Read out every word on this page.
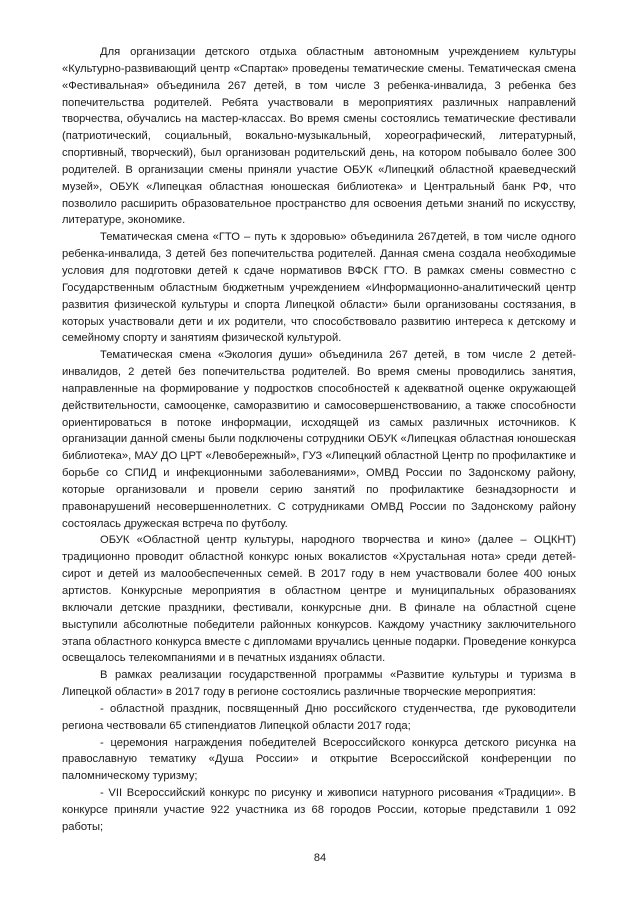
Для организации детского отдыха областным автономным учреждением культуры «Культурно-развивающий центр «Спартак» проведены тематические смены. Тематическая смена «Фестивальная» объединила 267 детей, в том числе 3 ребенка-инвалида, 3 ребенка без попечительства родителей. Ребята участвовали в мероприятиях различных направлений творчества, обучались на мастер-классах. Во время смены состоялись тематические фестивали (патриотический, социальный, вокально-музыкальный, хореографический, литературный, спортивный, творческий), был организован родительский день, на котором побывало более 300 родителей. В организации смены приняли участие ОБУК «Липецкий областной краеведческий музей», ОБУК «Липецкая областная юношеская библиотека» и Центральный банк РФ, что позволило расширить образовательное пространство для освоения детьми знаний по искусству, литературе, экономике.

Тематическая смена «ГТО – путь к здоровью» объединила 267детей, в том числе одного ребенка-инвалида, 3 детей без попечительства родителей. Данная смена создала необходимые условия для подготовки детей к сдаче нормативов ВФСК ГТО. В рамках смены совместно с Государственным областным бюджетным учреждением «Информационно-аналитический центр развития физической культуры и спорта Липецкой области» были организованы состязания, в которых участвовали дети и их родители, что способствовало развитию интереса к детскому и семейному спорту и занятиям физической культурой.

Тематическая смена «Экология души» объединила 267 детей, в том числе 2 детей-инвалидов, 2 детей без попечительства родителей. Во время смены проводились занятия, направленные на формирование у подростков способностей к адекватной оценке окружающей действительности, самооценке, саморазвитию и самосовершенствованию, а также способности ориентироваться в потоке информации, исходящей из самых различных источников. К организации данной смены были подключены сотрудники ОБУК «Липецкая областная юношеская библиотека», МАУ ДО ЦРТ «Левобережный», ГУЗ «Липецкий областной Центр по профилактике и борьбе со СПИД и инфекционными заболеваниями», ОМВД России по Задонскому району, которые организовали и провели серию занятий по профилактике безнадзорности и правонарушений несовершеннолетних. С сотрудниками ОМВД России по Задонскому району состоялась дружеская встреча по футболу.

ОБУК «Областной центр культуры, народного творчества и кино» (далее – ОЦКНТ) традиционно проводит областной конкурс юных вокалистов «Хрустальная нота» среди детей-сирот и детей из малообеспеченных семей. В 2017 году в нем участвовали более 400 юных артистов. Конкурсные мероприятия в областном центре и муниципальных образованиях включали детские праздники, фестивали, конкурсные дни. В финале на областной сцене выступили абсолютные победители районных конкурсов. Каждому участнику заключительного этапа областного конкурса вместе с дипломами вручались ценные подарки. Проведение конкурса освещалось телекомпаниями и в печатных изданиях области.

В рамках реализации государственной программы «Развитие культуры и туризма в Липецкой области» в 2017 году в регионе состоялись различные творческие мероприятия:

- областной праздник, посвященный Дню российского студенчества, где руководители региона чествовали 65 стипендиатов Липецкой области 2017 года;

- церемония награждения победителей Всероссийского конкурса детского рисунка на православную тематику «Душа России» и открытие Всероссийской конференции по паломническому туризму;

- VII Всероссийский конкурс по рисунку и живописи натурного рисования «Традиции». В конкурсе приняли участие 922 участника из 68 городов России, которые представили 1 092 работы;

84
